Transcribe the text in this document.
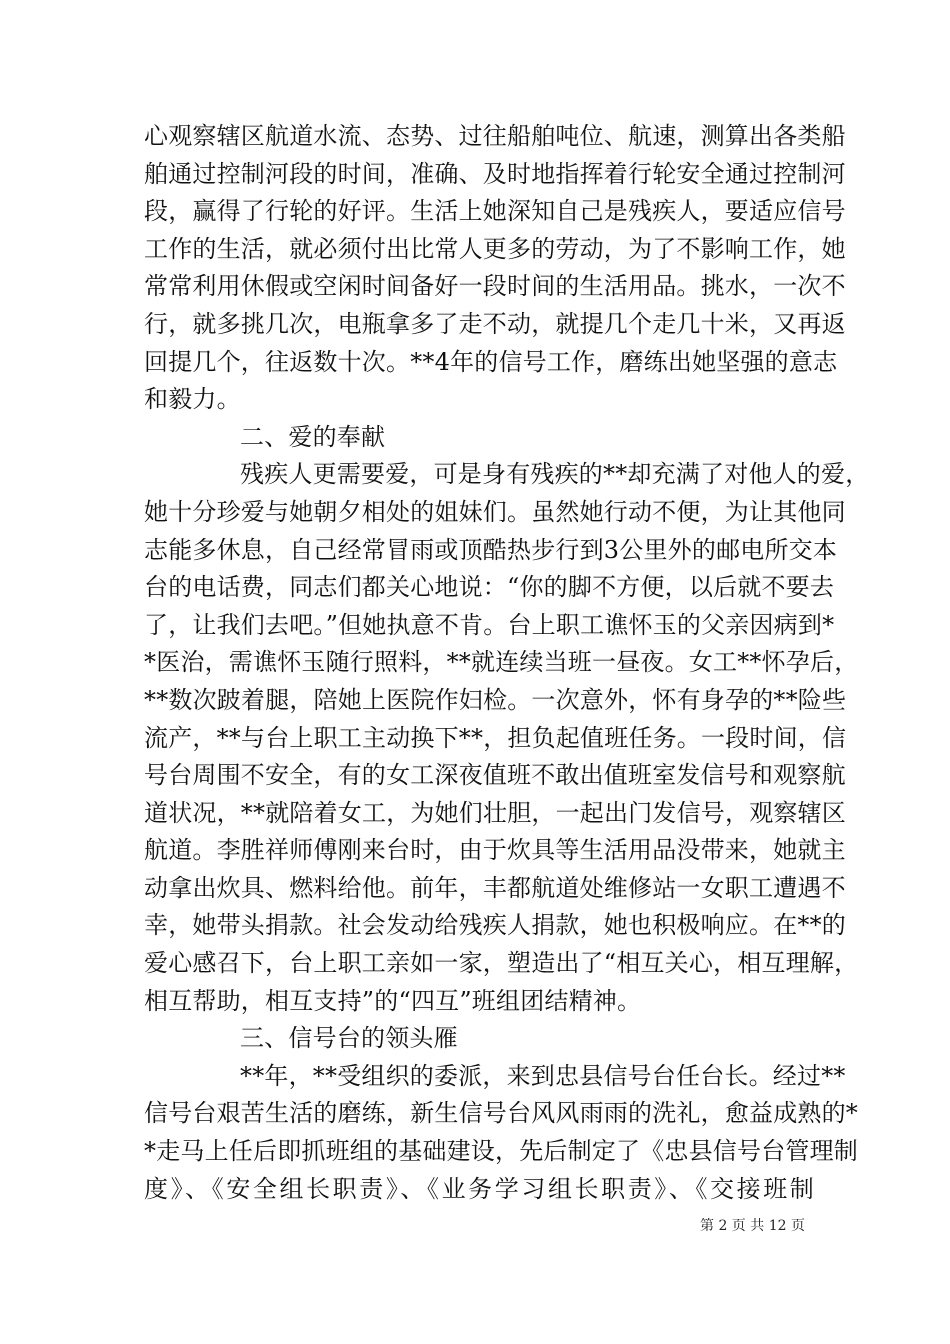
心观察辖区航道水流、态势、过往船舶吨位、航速，测算出各类船
舶通过控制河段的时间，准确、及时地指挥着行轮安全通过控制河
段，赢得了行轮的好评。生活上她深知自己是残疾人，要适应信号
工作的生活，就必须付出比常人更多的劳动，为了不影响工作，她
常常利用休假或空闲时间备好一段时间的生活用品。挑水，一次不
行，就多挑几次，电瓶拿多了走不动，就提几个走几十米，又再返
回提几个，往返数十次。**4年的信号工作，磨练出她坚强的意志
和毅力。
二、爱的奉献
残疾人更需要爱，可是身有残疾的**却充满了对他人的爱，
她十分珍爱与她朝夕相处的姐妹们。虽然她行动不便，为让其他同
志能多休息，自己经常冒雨或顶酷热步行到3公里外的邮电所交本
台的电话费，同志们都关心地说：“你的脚不方便，以后就不要去
了，让我们去吧。”但她执意不肯。台上职工谯怀玉的父亲因病到*
*医治，需谯怀玉随行照料，**就连续当班一昼夜。女工**怀孕后，
**数次跛着腿，陪她上医院作妇检。一次意外，怀有身孕的**险些
流产，**与台上职工主动换下**，担负起值班任务。一段时间，信
号台周围不安全，有的女工深夜值班不敢出值班室发信号和观察航
道状况，**就陪着女工，为她们壮胆，一起出门发信号，观察辖区
航道。李胜祥师傅刚来台时，由于炊具等生活用品没带来，她就主
动拿出炊具、燃料给他。前年，丰都航道处维修站一女职工遭遇不
幸，她带头捐款。社会发动给残疾人捐款，她也积极响应。在**的
爱心感召下，台上职工亲如一家，塑造出了“相互关心，相互理解，
相互帮助，相互支持”的“四互”班组团结精神。
三、信号台的领头雁
**年，**受组织的委派，来到忠县信号台任台长。经过**
信号台艰苦生活的磨练，新生信号台风风雨雨的洗礼，愈益成熟的*
*走马上任后即抓班组的基础建设，先后制定了《忠县信号台管理制
度》、《安全组长职责》、《业务学习组长职责》、《交接班制
第 2 页 共 12 页
